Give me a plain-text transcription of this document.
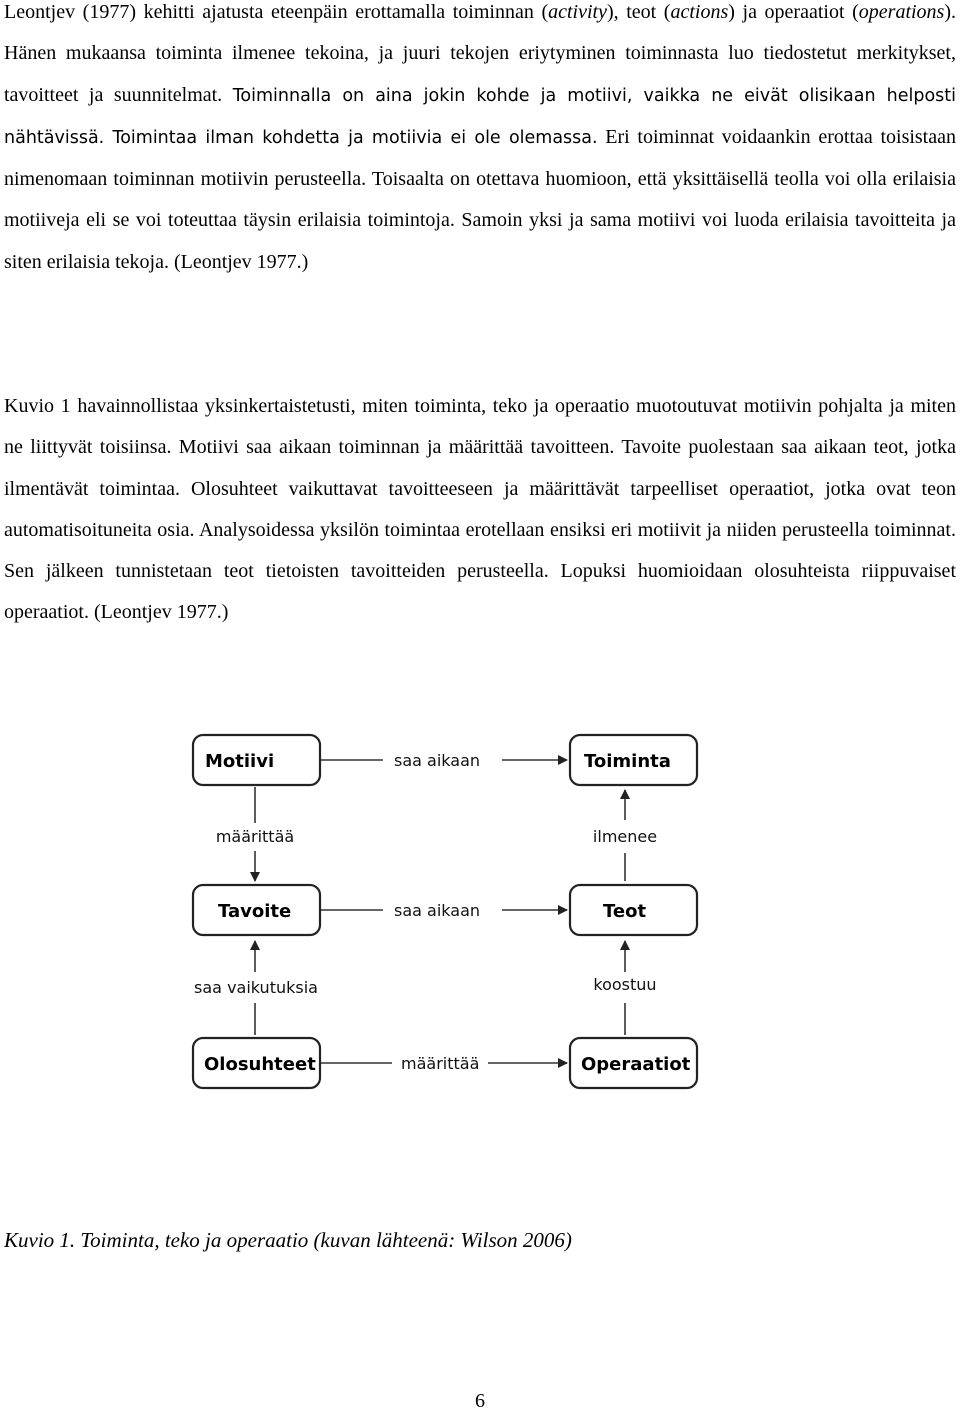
Leontjev (1977) kehitti ajatusta eteenpäin erottamalla toiminnan (activity), teot (actions) ja operaatiot (operations). Hänen mukaansa toiminta ilmenee tekoina, ja juuri tekojen eriytyminen toiminnasta luo tiedostetut merkitykset, tavoitteet ja suunnitelmat. Toiminnalla on aina jokin kohde ja motiivi, vaikka ne eivät olisikaan helposti nähtävissä. Toimintaa ilman kohdetta ja motiivia ei ole olemassa. Eri toiminnat voidaankin erottaa toisistaan nimenomaan toiminnan motiivin perusteella. Toisaalta on otettava huomioon, että yksittäisellä teolla voi olla erilaisia motiiveja eli se voi toteuttaa täysin erilaisia toimintoja. Samoin yksi ja sama motiivi voi luoda erilaisia tavoitteita ja siten erilaisia tekoja. (Leontjev 1977.)

Kuvio 1 havainnollistaa yksinkertaistetusti, miten toiminta, teko ja operaatio muotoutuvat motiivin pohjalta ja miten ne liittyvät toisiinsa. Motiivi saa aikaan toiminnan ja määrittää tavoitteen. Tavoite puolestaan saa aikaan teot, jotka ilmentävät toimintaa. Olosuhteet vaikuttavat tavoitteeseen ja määrittävät tarpeelliset operaatiot, jotka ovat teon automatisoituneita osia. Analysoidessa yksilön toimintaa erotellaan ensiksi eri motiivit ja niiden perusteella toiminnat. Sen jälkeen tunnistetaan teot tietoisten tavoitteiden perusteella. Lopuksi huomioidaan olosuhteista riippuvaiset operaatiot. (Leontjev 1977.)

Motiivi	Toiminta
Tavoite	Teot
Olosuhteet	Operaatiot
saa aikaan
saa aikaan
määrittää
määrittää	ilmenee
saa vaikutuksia	koostuu

Kuvio 1. Toiminta, teko ja operaatio (kuvan lähteenä: Wilson 2006)

6
